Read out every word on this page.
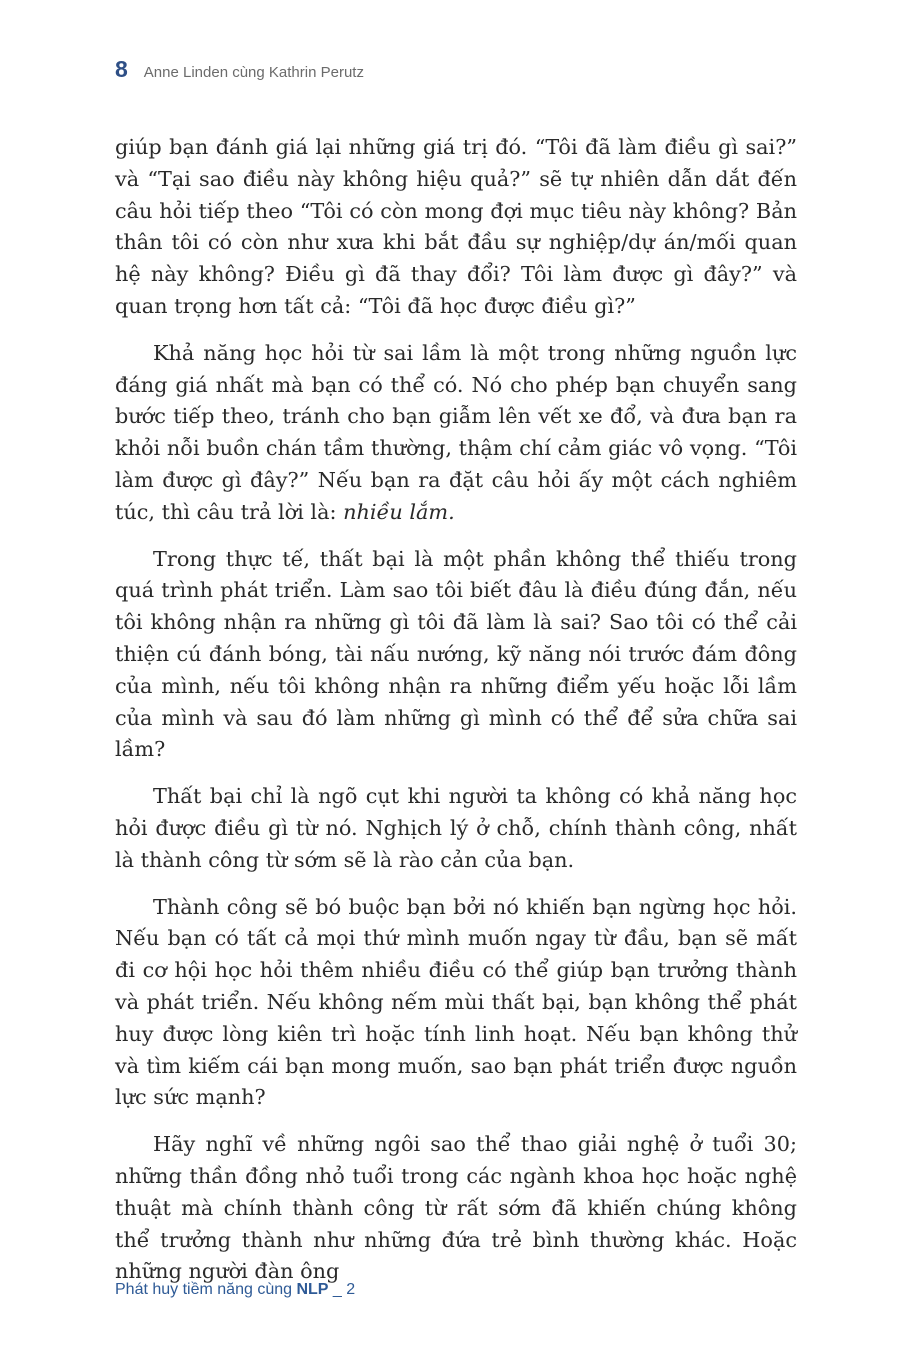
8 Anne Linden cùng Kathrin Perutz

giúp bạn đánh giá lại những giá trị đó. “Tôi đã làm điều gì sai?” và “Tại sao điều này không hiệu quả?” sẽ tự nhiên dẫn dắt đến câu hỏi tiếp theo “Tôi có còn mong đợi mục tiêu này không? Bản thân tôi có còn như xưa khi bắt đầu sự nghiệp/dự án/mối quan hệ này không? Điều gì đã thay đổi? Tôi làm được gì đây?” và quan trọng hơn tất cả: “Tôi đã học được điều gì?”

Khả năng học hỏi từ sai lầm là một trong những nguồn lực đáng giá nhất mà bạn có thể có. Nó cho phép bạn chuyển sang bước tiếp theo, tránh cho bạn giẫm lên vết xe đổ, và đưa bạn ra khỏi nỗi buồn chán tầm thường, thậm chí cảm giác vô vọng. “Tôi làm được gì đây?” Nếu bạn ra đặt câu hỏi ấy một cách nghiêm túc, thì câu trả lời là: nhiều lắm.

Trong thực tế, thất bại là một phần không thể thiếu trong quá trình phát triển. Làm sao tôi biết đâu là điều đúng đắn, nếu tôi không nhận ra những gì tôi đã làm là sai? Sao tôi có thể cải thiện cú đánh bóng, tài nấu nướng, kỹ năng nói trước đám đông của mình, nếu tôi không nhận ra những điểm yếu hoặc lỗi lầm của mình và sau đó làm những gì mình có thể để sửa chữa sai lầm?

Thất bại chỉ là ngõ cụt khi người ta không có khả năng học hỏi được điều gì từ nó. Nghịch lý ở chỗ, chính thành công, nhất là thành công từ sớm sẽ là rào cản của bạn.

Thành công sẽ bó buộc bạn bởi nó khiến bạn ngừng học hỏi. Nếu bạn có tất cả mọi thứ mình muốn ngay từ đầu, bạn sẽ mất đi cơ hội học hỏi thêm nhiều điều có thể giúp bạn trưởng thành và phát triển. Nếu không nếm mùi thất bại, bạn không thể phát huy được lòng kiên trì hoặc tính linh hoạt. Nếu bạn không thử và tìm kiếm cái bạn mong muốn, sao bạn phát triển được nguồn lực sức mạnh?

Hãy nghĩ về những ngôi sao thể thao giải nghệ ở tuổi 30; những thần đồng nhỏ tuổi trong các ngành khoa học hoặc nghệ thuật mà chính thành công từ rất sớm đã khiến chúng không thể trưởng thành như những đứa trẻ bình thường khác. Hoặc những người đàn ông

Phát huy tiềm năng cùng NLP _ 2
